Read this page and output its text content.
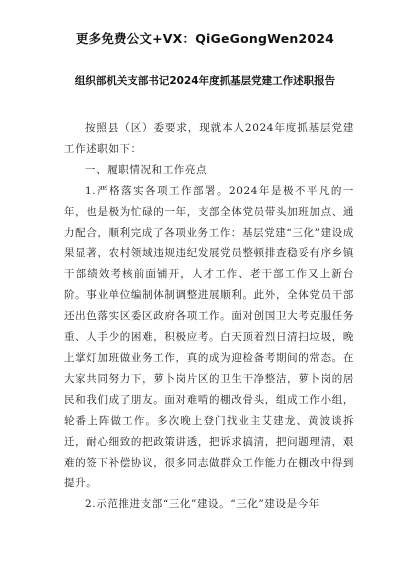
更多免费公文+VX：QiGeGongWen2024
组织部机关支部书记2024年度抓基层党建工作述职报告

按照县（区）委要求，现就本人2024年度抓基层党建工作述职如下：

一、履职情况和工作亮点

1.严格落实各项工作部署。2024年是极不平凡的一年，也是极为忙碌的一年，支部全体党员带头加班加点、通力配合，顺利完成了各项业务工作：基层党建“三化”建设成果显著，农村领域违规违纪发展党员整顿排查稳妥有序乡镇干部绩效考核前面铺开，人才工作、老干部工作又上新台阶。事业单位编制体制调整进展顺利。此外，全体党员干部还出色落实区委区政府各项工作。面对创国卫大考克服任务重、人手少的困难，积极应考。白天顶着烈日清扫垃圾，晚上掌灯加班做业务工作，真的成为迎检备考期间的常态。在大家共同努力下，萝卜岗片区的卫生干净整洁，萝卜岗的居民和我们成了朋友。面对难啃的棚改骨头，组成工作小组，轮番上阵做工作。多次晚上登门找业主艾建龙、黄波谈拆迁，耐心细致的把政策讲透，把诉求搞清，把问题理清，艰难的签下补偿协议，很多同志做群众工作能力在棚改中得到提升。

2.示范推进支部“三化”建设。“三化”建设是今年
